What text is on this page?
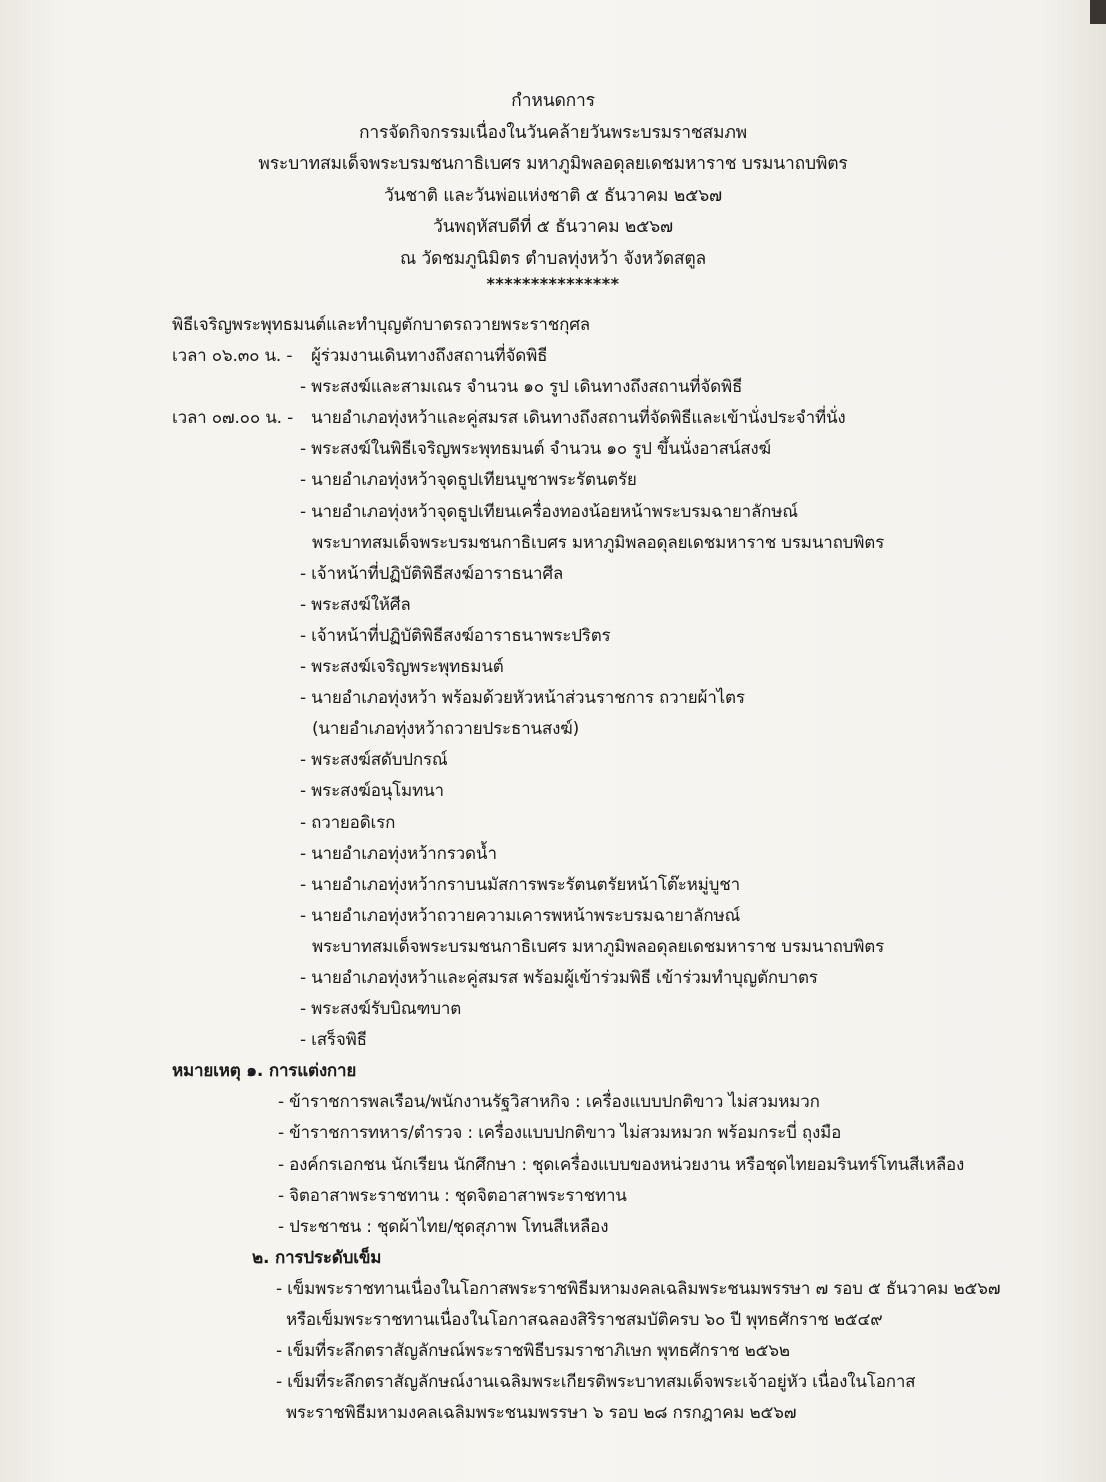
กำหนดการ
การจัดกิจกรรมเนื่องในวันคล้ายวันพระบรมราชสมภพ
พระบาทสมเด็จพระบรมชนกาธิเบศร มหาภูมิพลอดุลยเดชมหาราช บรมนาถบพิตร
วันชาติ และวันพ่อแห่งชาติ ๕ ธันวาคม ๒๕๖๗
วันพฤหัสบดีที่ ๕ ธันวาคม ๒๕๖๗
ณ วัดชมภูนิมิตร ตำบลทุ่งหว้า จังหวัดสตูล
***************
พิธีเจริญพระพุทธมนต์และทำบุญตักบาตรถวายพระราชกุศล
เวลา ๐๖.๓๐ น. - ผู้ร่วมงานเดินทางถึงสถานที่จัดพิธี
- พระสงฆ์และสามเณร จำนวน ๑๐ รูป เดินทางถึงสถานที่จัดพิธี
เวลา ๐๗.๐๐ น. - นายอำเภอทุ่งหว้าและคู่สมรส เดินทางถึงสถานที่จัดพิธีและเข้านั่งประจำที่นั่ง
- พระสงฆ์ในพิธีเจริญพระพุทธมนต์ จำนวน ๑๐ รูป ขึ้นนั่งอาสน์สงฆ์
- นายอำเภอทุ่งหว้าจุดธูปเทียนบูชาพระรัตนตรัย
- นายอำเภอทุ่งหว้าจุดธูปเทียนเครื่องทองน้อยหน้าพระบรมฉายาลักษณ์
พระบาทสมเด็จพระบรมชนกาธิเบศร มหาภูมิพลอดุลยเดชมหาราช บรมนาถบพิตร
- เจ้าหน้าที่ปฏิบัติพิธีสงฆ์อาราธนาศีล
- พระสงฆ์ให้ศีล
- เจ้าหน้าที่ปฏิบัติพิธีสงฆ์อาราธนาพระปริตร
- พระสงฆ์เจริญพระพุทธมนต์
- นายอำเภอทุ่งหว้า พร้อมด้วยหัวหน้าส่วนราชการ ถวายผ้าไตร
(นายอำเภอทุ่งหว้าถวายประธานสงฆ์)
- พระสงฆ์สดับปกรณ์
- พระสงฆ์อนุโมทนา
- ถวายอดิเรก
- นายอำเภอทุ่งหว้ากรวดน้ำ
- นายอำเภอทุ่งหว้ากราบนมัสการพระรัตนตรัยหน้าโต๊ะหมู่บูชา
- นายอำเภอทุ่งหว้าถวายความเคารพหน้าพระบรมฉายาลักษณ์
พระบาทสมเด็จพระบรมชนกาธิเบศร มหาภูมิพลอดุลยเดชมหาราช บรมนาถบพิตร
- นายอำเภอทุ่งหว้าและคู่สมรส พร้อมผู้เข้าร่วมพิธี เข้าร่วมทำบุญตักบาตร
- พระสงฆ์รับบิณฑบาต
- เสร็จพิธี
หมายเหตุ ๑. การแต่งกาย
- ข้าราชการพลเรือน/พนักงานรัฐวิสาหกิจ : เครื่องแบบปกติขาว ไม่สวมหมวก
- ข้าราชการทหาร/ตำรวจ : เครื่องแบบปกติขาว ไม่สวมหมวก พร้อมกระบี่ ถุงมือ
- องค์กรเอกชน นักเรียน นักศึกษา : ชุดเครื่องแบบของหน่วยงาน หรือชุดไทยอมรินทร์โทนสีเหลือง
- จิตอาสาพระราชทาน : ชุดจิตอาสาพระราชทาน
- ประชาชน : ชุดผ้าไทย/ชุดสุภาพ โทนสีเหลือง
๒. การประดับเข็ม
- เข็มพระราชทานเนื่องในโอกาสพระราชพิธีมหามงคลเฉลิมพระชนมพรรษา ๗ รอบ ๕ ธันวาคม ๒๕๖๗
หรือเข็มพระราชทานเนื่องในโอกาสฉลองสิริราชสมบัติครบ ๖๐ ปี พุทธศักราช ๒๕๔๙
- เข็มที่ระลึกตราสัญลักษณ์พระราชพิธีบรมราชาภิเษก พุทธศักราช ๒๕๖๒
- เข็มที่ระลึกตราสัญลักษณ์งานเฉลิมพระเกียรติพระบาทสมเด็จพระเจ้าอยู่หัว เนื่องในโอกาส
พระราชพิธีมหามงคลเฉลิมพระชนมพรรษา ๖ รอบ ๒๘ กรกฎาคม ๒๕๖๗
